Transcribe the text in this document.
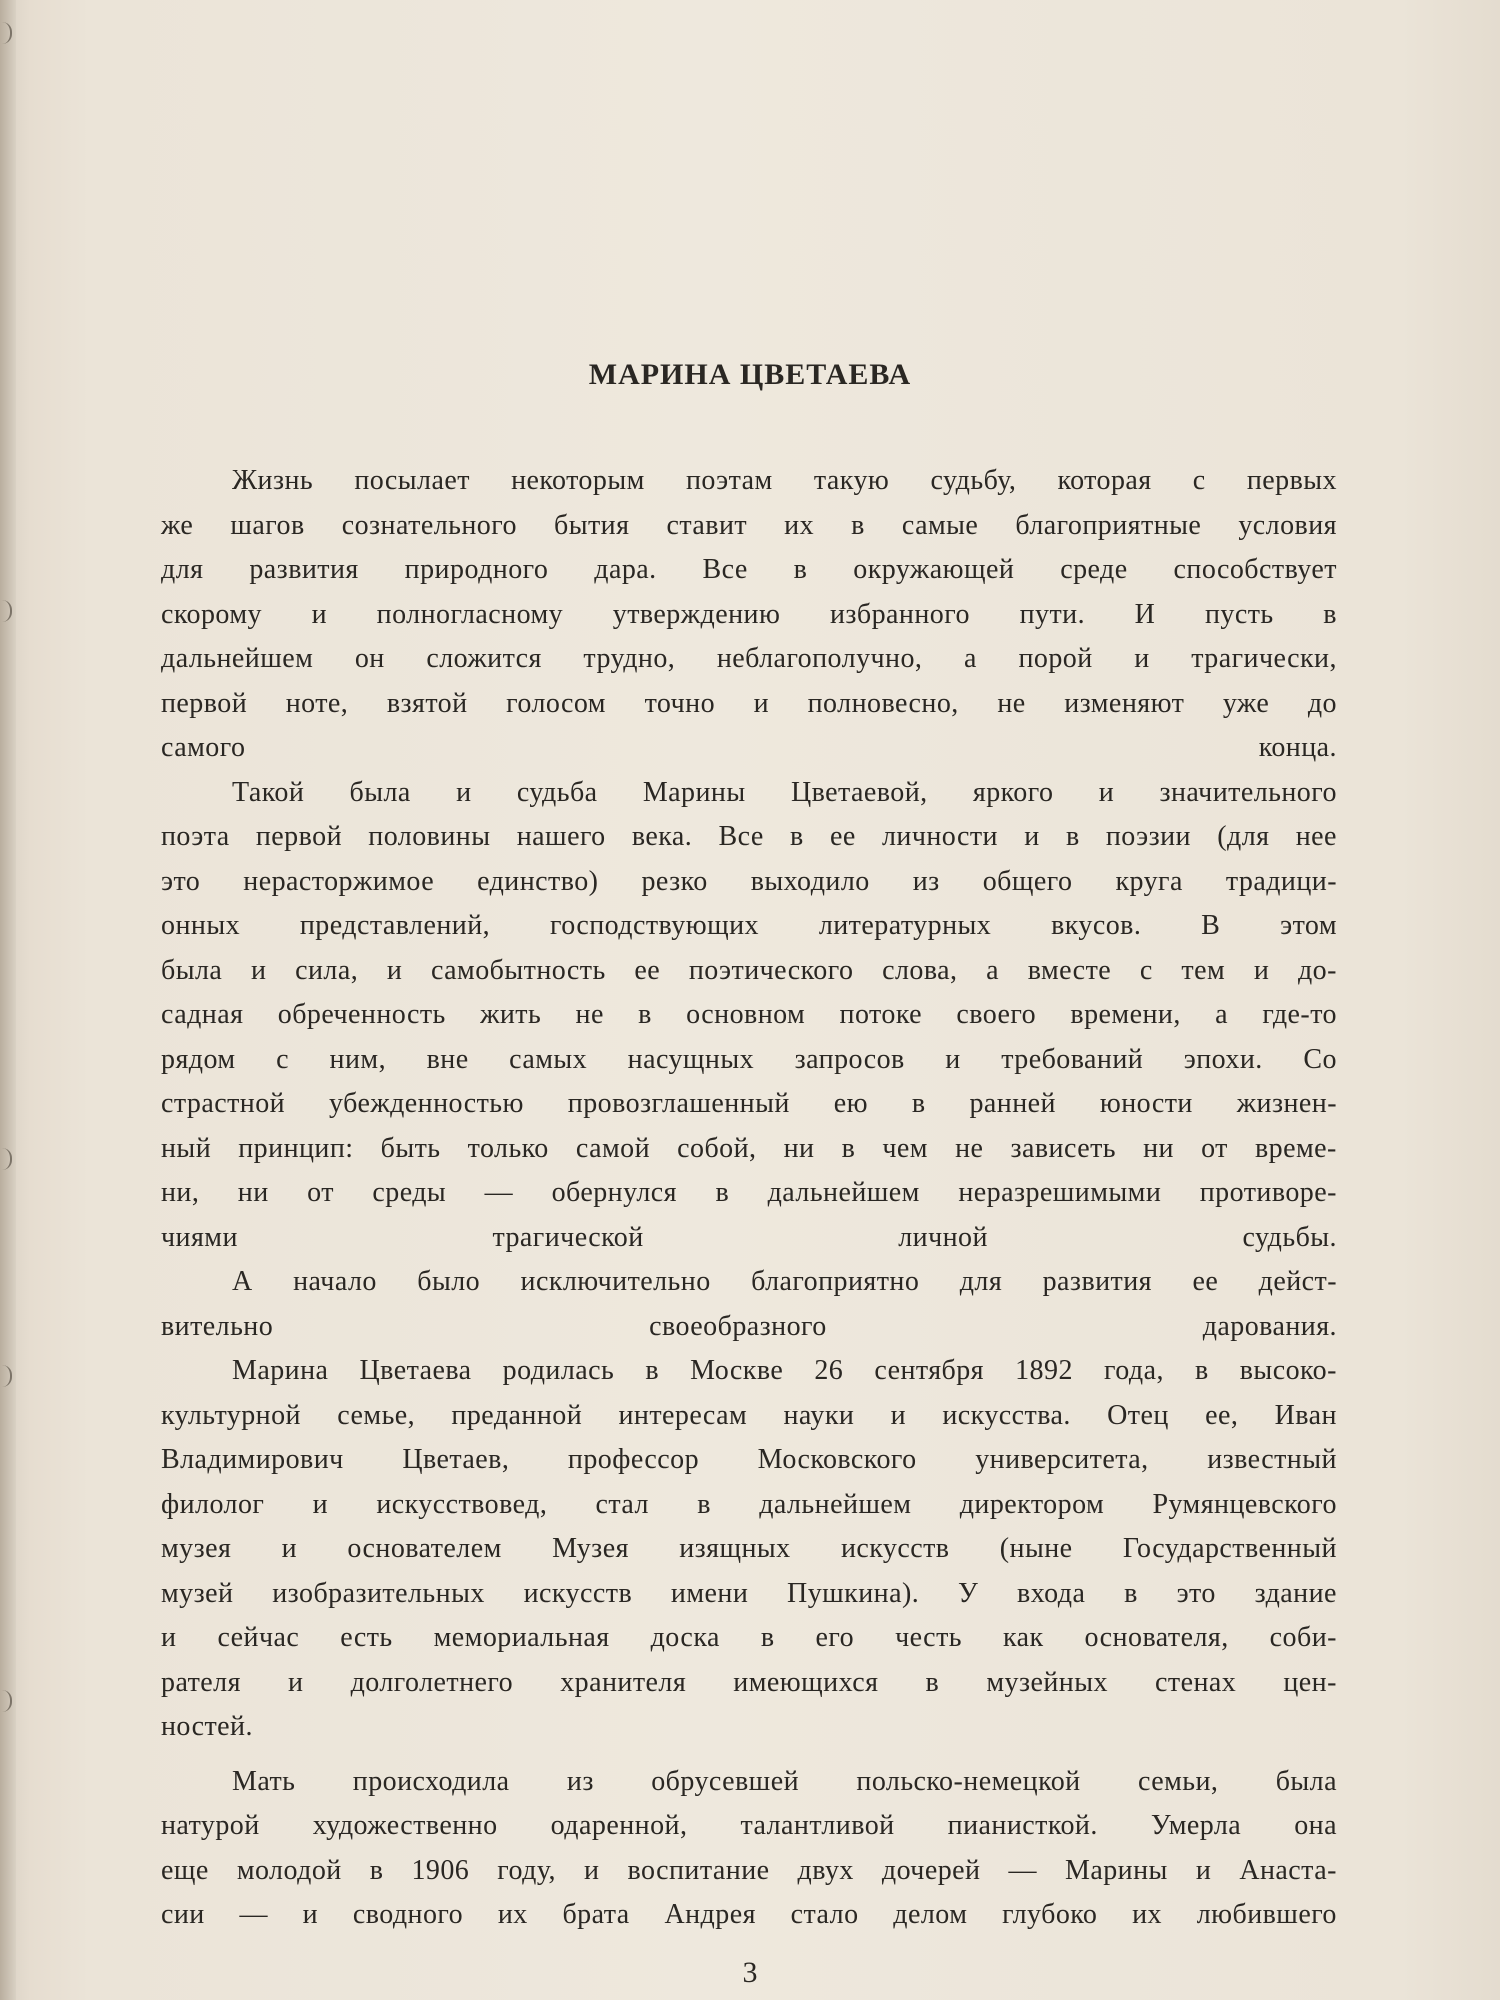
МАРИНА ЦВЕТАЕВА
Жизнь посылает некоторым поэтам такую судьбу, которая с первых
же шагов сознательного бытия ставит их в самые благоприятные условия
для развития природного дара. Все в окружающей среде способствует
скорому и полногласному утверждению избранного пути. И пусть в
дальнейшем он сложится трудно, неблагополучно, а порой и трагически,
первой ноте, взятой голосом точно и полновесно, не изменяют уже до
самого конца.
Такой была и судьба Марины Цветаевой, яркого и значительного
поэта первой половины нашего века. Все в ее личности и в поэзии (для нее
это нерасторжимое единство) резко выходило из общего круга традици-
онных представлений, господствующих литературных вкусов. В этом
была и сила, и самобытность ее поэтического слова, а вместе с тем и до-
садная обреченность жить не в основном потоке своего времени, а где-то
рядом с ним, вне самых насущных запросов и требований эпохи. Со
страстной убежденностью провозглашенный ею в ранней юности жизнен-
ный принцип: быть только самой собой, ни в чем не зависеть ни от време-
ни, ни от среды — обернулся в дальнейшем неразрешимыми противоре-
чиями трагической личной судьбы.
А начало было исключительно благоприятно для развития ее дейст-
вительно своеобразного дарования.
Марина Цветаева родилась в Москве 26 сентября 1892 года, в высоко-
культурной семье, преданной интересам науки и искусства. Отец ее, Иван
Владимирович Цветаев, профессор Московского университета, известный
филолог и искусствовед, стал в дальнейшем директором Румянцевского
музея и основателем Музея изящных искусств (ныне Государственный
музей изобразительных искусств имени Пушкина). У входа в это здание
и сейчас есть мемориальная доска в его честь как основателя, соби-
рателя и долголетнего хранителя имеющихся в музейных стенах цен-
ностей.
Мать происходила из обрусевшей польско-немецкой семьи, была
натурой художественно одаренной, талантливой пианисткой. Умерла она
еще молодой в 1906 году, и воспитание двух дочерей — Марины и Анаста-
сии — и сводного их брата Андрея стало делом глубоко их любившего

3
